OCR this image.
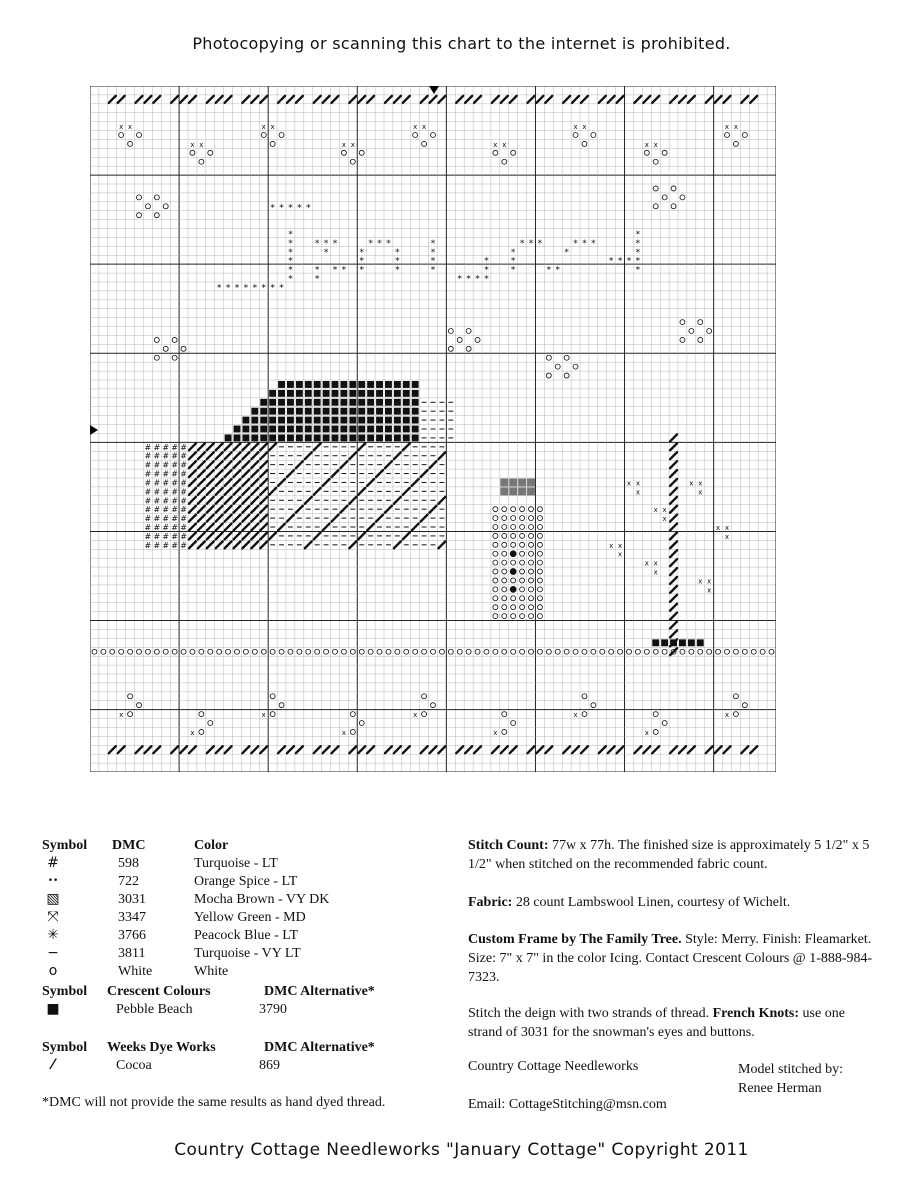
Photocopying or scanning this chart to the internet is prohibited.
x x
x
x x
x
x x
x
x x
x
x x
x
x x
x
x x
x
x x
x
x x
x
* * * * * * * *
*
*
*
*
*
*
* * * * *
* * *
*
* * *
*
* * *
*
*
*
*
*
*
*
*
*
*
* * * *
*
*
* * *
*
*
*	* *
* * *
*
* * *
*
*
*
*
*
# # # # #
# # # # #
# # # # #
# # # # #
# # # # #
# # # # #
# # # # #
# # # # #
# # # # #
# # # # #
# # # # #
# # # # #
x x
x
x x
x
x x
x
x x
x
x x
x
x x
x
x x
x
Symbol DMC	Color
#	598	Turquoise - LT
••	722	Orange Spice - LT
▧	3031	Mocha Brown - VY DK
⤧	3347	Yellow Green - MD
✳	3766	Peacock Blue - LT
−	3811	Turquoise - VY LT
o	White	White
Symbol Crescent Colours	DMC Alternative*
■	Pebble Beach	3790
Symbol Weeks Dye Works	DMC Alternative*
⁄	Cocoa	869
*DMC will not provide the same results as hand dyed thread.

Stitch Count: 77w x 77h. The finished size is approximately 5 1/2" x 5 1/2" when stitched on the recommended fabric count.

Fabric: 28 count Lambswool Linen, courtesy of Wichelt.

Custom Frame by The Family Tree. Style: Merry. Finish: Fleamarket. Size: 7" x 7" in the color Icing. Contact Crescent Colours @ 1-888-984-7323.

Stitch the deign with two strands of thread. French Knots: use one strand of 3031 for the snowman's eyes and buttons.

Country Cottage Needleworks	Model stitched by:
Renee Herman
Email: CottageStitching@msn.com
Country Cottage Needleworks "January Cottage" Copyright 2011
